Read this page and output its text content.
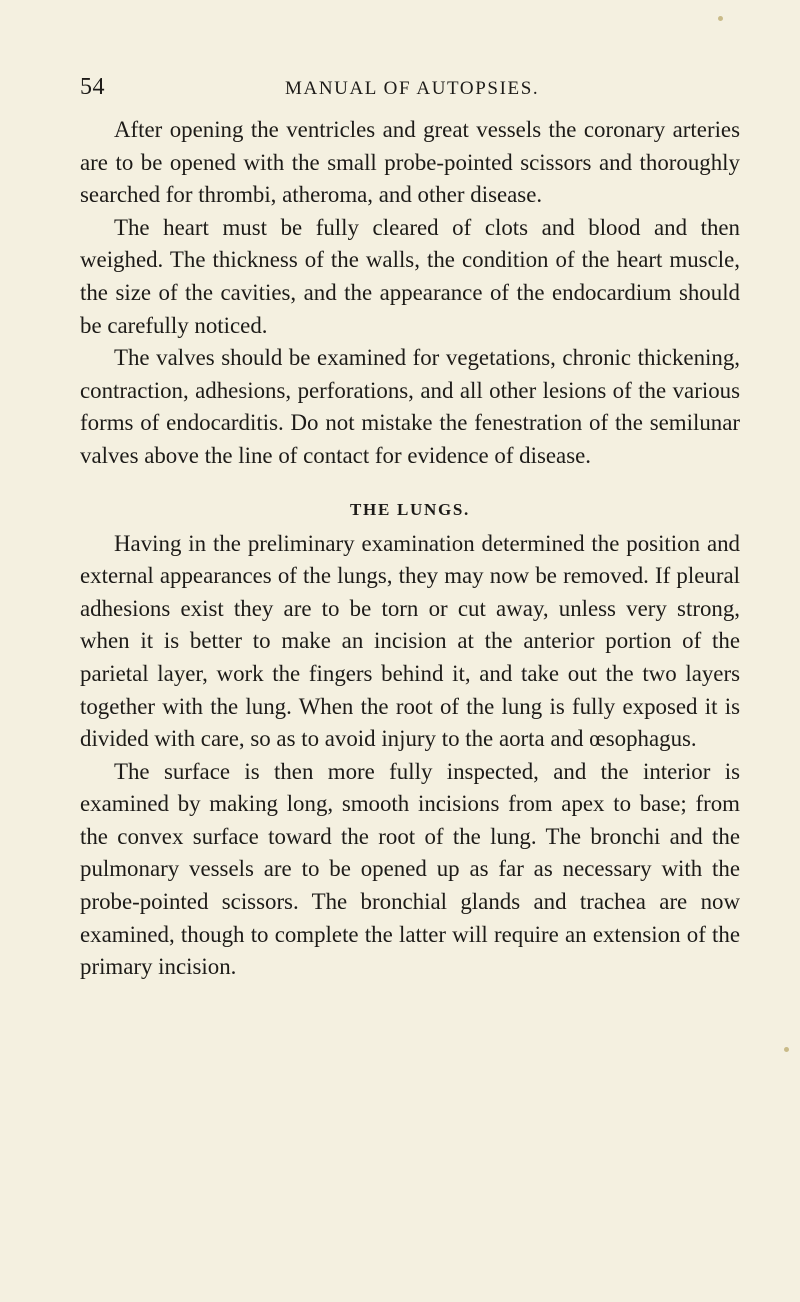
54	MANUAL OF AUTOPSIES.

After opening the ventricles and great vessels the coronary arteries are to be opened with the small probe-pointed scissors and thoroughly searched for thrombi, atheroma, and other disease.

The heart must be fully cleared of clots and blood and then weighed. The thickness of the walls, the condition of the heart muscle, the size of the cavities, and the appearance of the endocardium should be carefully noticed.

The valves should be examined for vegetations, chronic thickening, contraction, adhesions, perforations, and all other lesions of the various forms of endocarditis. Do not mistake the fenestration of the semilunar valves above the line of contact for evidence of disease.

THE LUNGS.

Having in the preliminary examination determined the position and external appearances of the lungs, they may now be removed. If pleural adhesions exist they are to be torn or cut away, unless very strong, when it is better to make an incision at the anterior portion of the parietal layer, work the fingers behind it, and take out the two layers together with the lung. When the root of the lung is fully exposed it is divided with care, so as to avoid injury to the aorta and œsophagus.

The surface is then more fully inspected, and the interior is examined by making long, smooth incisions from apex to base; from the convex surface toward the root of the lung. The bronchi and the pulmonary vessels are to be opened up as far as necessary with the probe-pointed scissors. The bronchial glands and trachea are now examined, though to complete the latter will require an extension of the primary incision.
